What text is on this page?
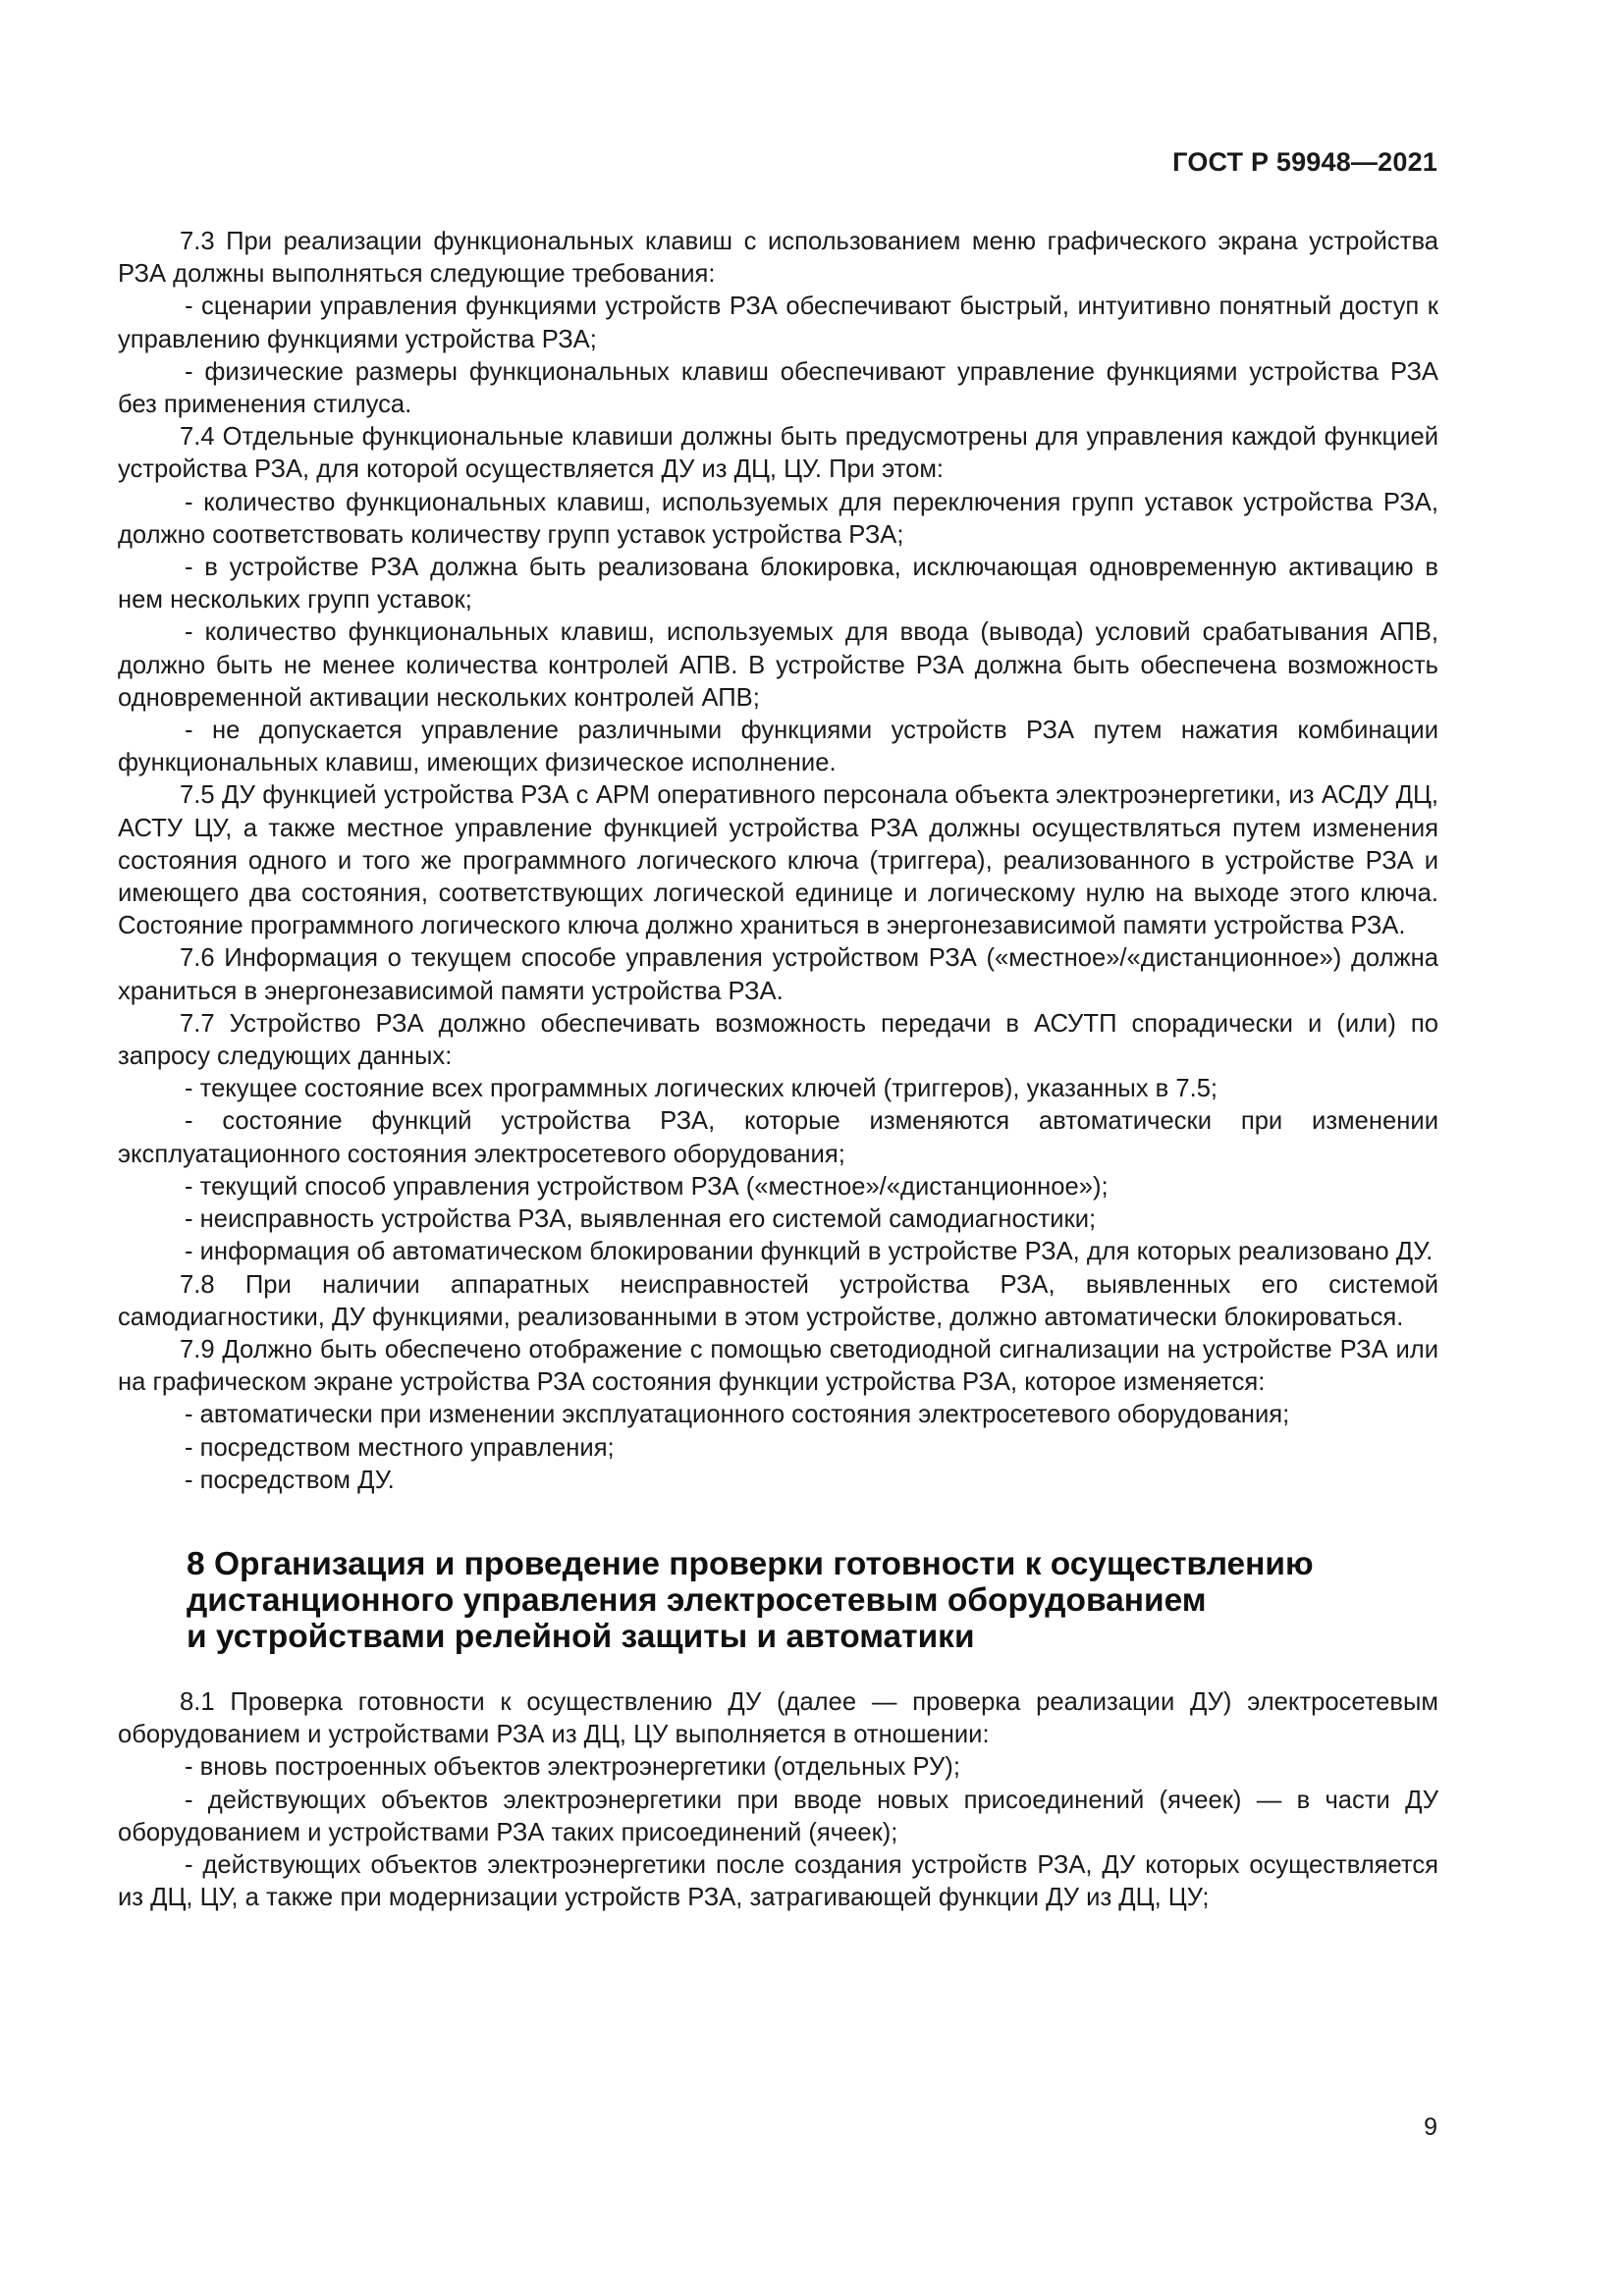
ГОСТ Р 59948—2021

7.3 При реализации функциональных клавиш с использованием меню графического экрана устройства РЗА должны выполняться следующие требования:

- сценарии управления функциями устройств РЗА обеспечивают быстрый, интуитивно понятный доступ к управлению функциями устройства РЗА;

- физические размеры функциональных клавиш обеспечивают управление функциями устройства РЗА без применения стилуса.

7.4 Отдельные функциональные клавиши должны быть предусмотрены для управления каждой функцией устройства РЗА, для которой осуществляется ДУ из ДЦ, ЦУ. При этом:

- количество функциональных клавиш, используемых для переключения групп уставок устройства РЗА, должно соответствовать количеству групп уставок устройства РЗА;

- в устройстве РЗА должна быть реализована блокировка, исключающая одновременную активацию в нем нескольких групп уставок;

- количество функциональных клавиш, используемых для ввода (вывода) условий срабатывания АПВ, должно быть не менее количества контролей АПВ. В устройстве РЗА должна быть обеспечена возможность одновременной активации нескольких контролей АПВ;

- не допускается управление различными функциями устройств РЗА путем нажатия комбинации функциональных клавиш, имеющих физическое исполнение.

7.5 ДУ функцией устройства РЗА с АРМ оперативного персонала объекта электроэнергетики, из АСДУ ДЦ, АСТУ ЦУ, а также местное управление функцией устройства РЗА должны осуществляться путем изменения состояния одного и того же программного логического ключа (триггера), реализованного в устройстве РЗА и имеющего два состояния, соответствующих логической единице и логическому нулю на выходе этого ключа. Состояние программного логического ключа должно храниться в энергонезависимой памяти устройства РЗА.

7.6 Информация о текущем способе управления устройством РЗА («местное»/«дистанционное») должна храниться в энергонезависимой памяти устройства РЗА.

7.7 Устройство РЗА должно обеспечивать возможность передачи в АСУТП спорадически и (или) по запросу следующих данных:

- текущее состояние всех программных логических ключей (триггеров), указанных в 7.5;

- состояние функций устройства РЗА, которые изменяются автоматически при изменении эксплуатационного состояния электросетевого оборудования;

- текущий способ управления устройством РЗА («местное»/«дистанционное»);

- неисправность устройства РЗА, выявленная его системой самодиагностики;

- информация об автоматическом блокировании функций в устройстве РЗА, для которых реализовано ДУ.

7.8 При наличии аппаратных неисправностей устройства РЗА, выявленных его системой самодиагностики, ДУ функциями, реализованными в этом устройстве, должно автоматически блокироваться.

7.9 Должно быть обеспечено отображение с помощью светодиодной сигнализации на устройстве РЗА или на графическом экране устройства РЗА состояния функции устройства РЗА, которое изменяется:

- автоматически при изменении эксплуатационного состояния электросетевого оборудования;

- посредством местного управления;

- посредством ДУ.

8 Организация и проведение проверки готовности к осуществлению
дистанционного управления электросетевым оборудованием
и устройствами релейной защиты и автоматики

8.1 Проверка готовности к осуществлению ДУ (далее — проверка реализации ДУ) электросетевым оборудованием и устройствами РЗА из ДЦ, ЦУ выполняется в отношении:

- вновь построенных объектов электроэнергетики (отдельных РУ);

- действующих объектов электроэнергетики при вводе новых присоединений (ячеек) — в части ДУ оборудованием и устройствами РЗА таких присоединений (ячеек);

- действующих объектов электроэнергетики после создания устройств РЗА, ДУ которых осуществляется из ДЦ, ЦУ, а также при модернизации устройств РЗА, затрагивающей функции ДУ из ДЦ, ЦУ;

9
